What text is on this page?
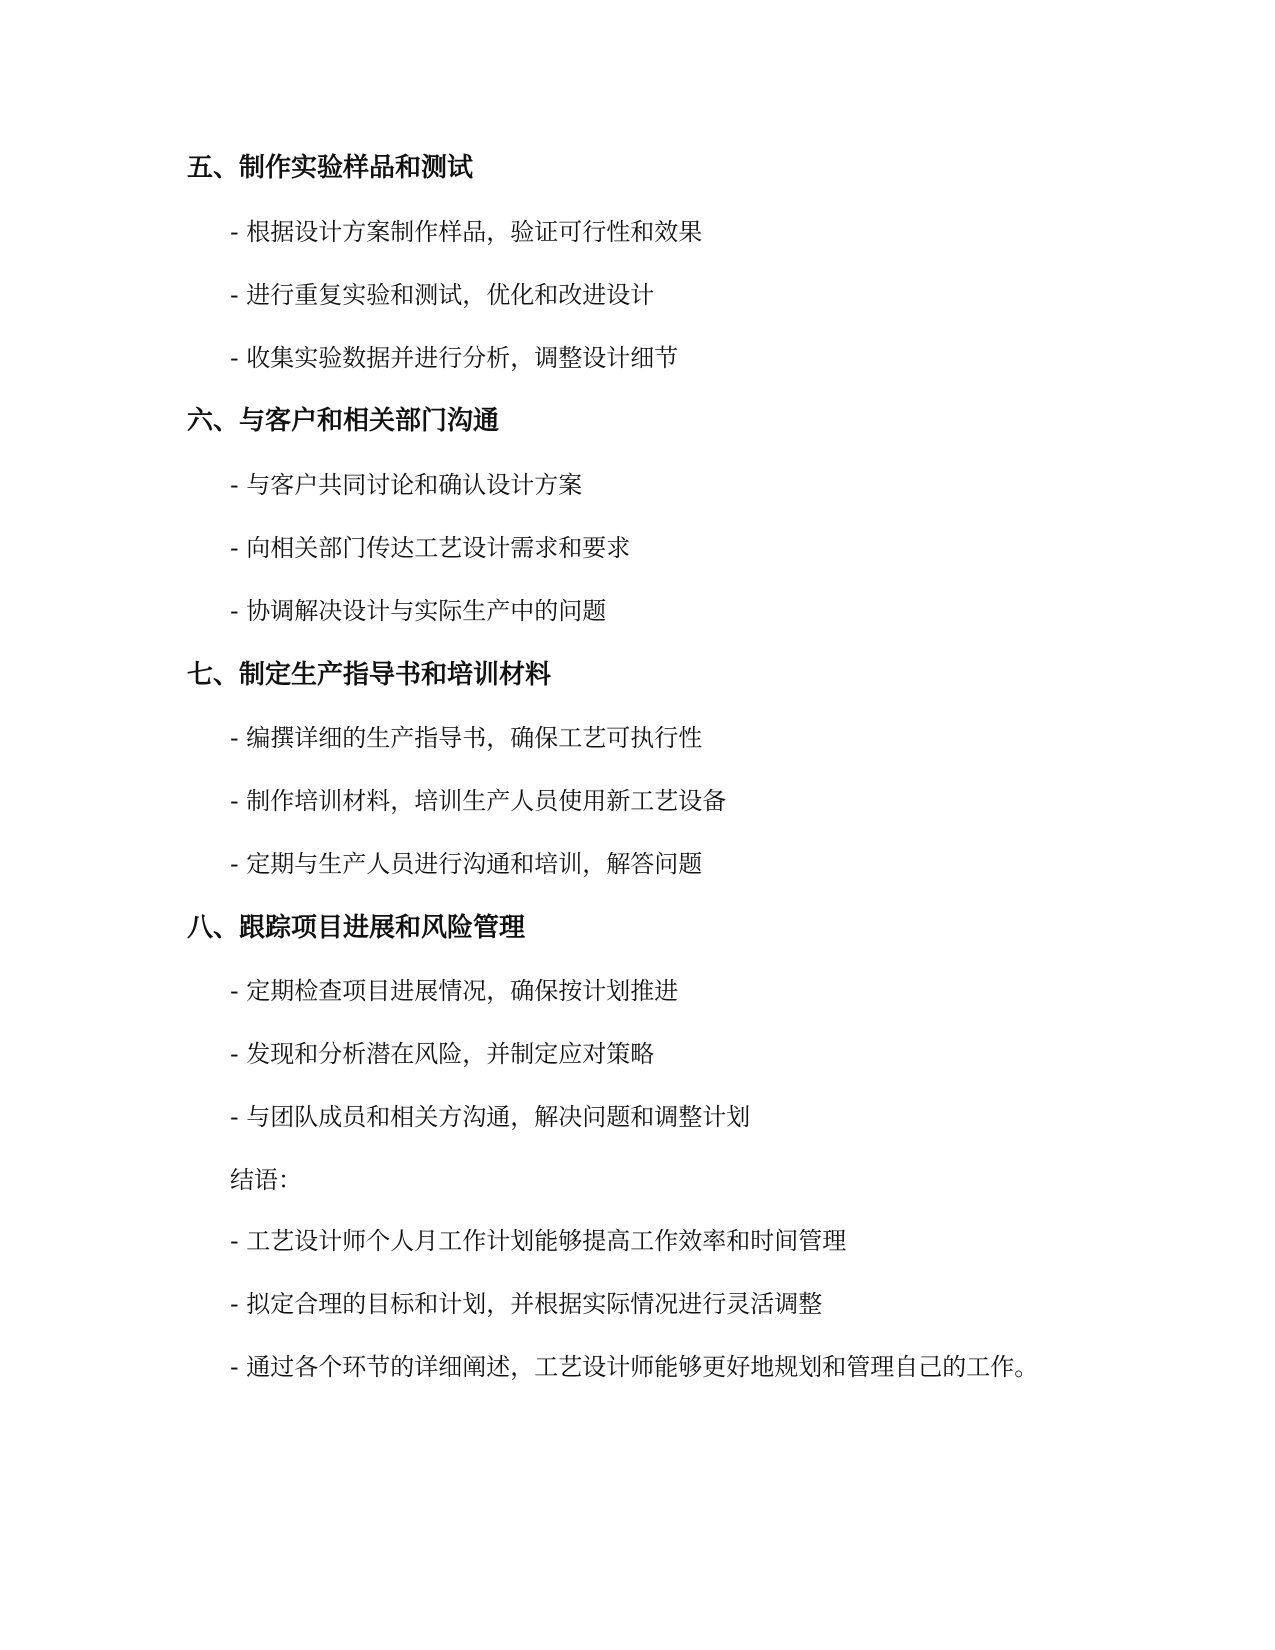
五、制作实验样品和测试
- 根据设计方案制作样品，验证可行性和效果
- 进行重复实验和测试，优化和改进设计
- 收集实验数据并进行分析，调整设计细节
六、与客户和相关部门沟通
- 与客户共同讨论和确认设计方案
- 向相关部门传达工艺设计需求和要求
- 协调解决设计与实际生产中的问题
七、制定生产指导书和培训材料
- 编撰详细的生产指导书，确保工艺可执行性
- 制作培训材料，培训生产人员使用新工艺设备
- 定期与生产人员进行沟通和培训，解答问题
八、跟踪项目进展和风险管理
- 定期检查项目进展情况，确保按计划推进
- 发现和分析潜在风险，并制定应对策略
- 与团队成员和相关方沟通，解决问题和调整计划
结语：
- 工艺设计师个人月工作计划能够提高工作效率和时间管理
- 拟定合理的目标和计划，并根据实际情况进行灵活调整
- 通过各个环节的详细阐述，工艺设计师能够更好地规划和管理自己的工作。
